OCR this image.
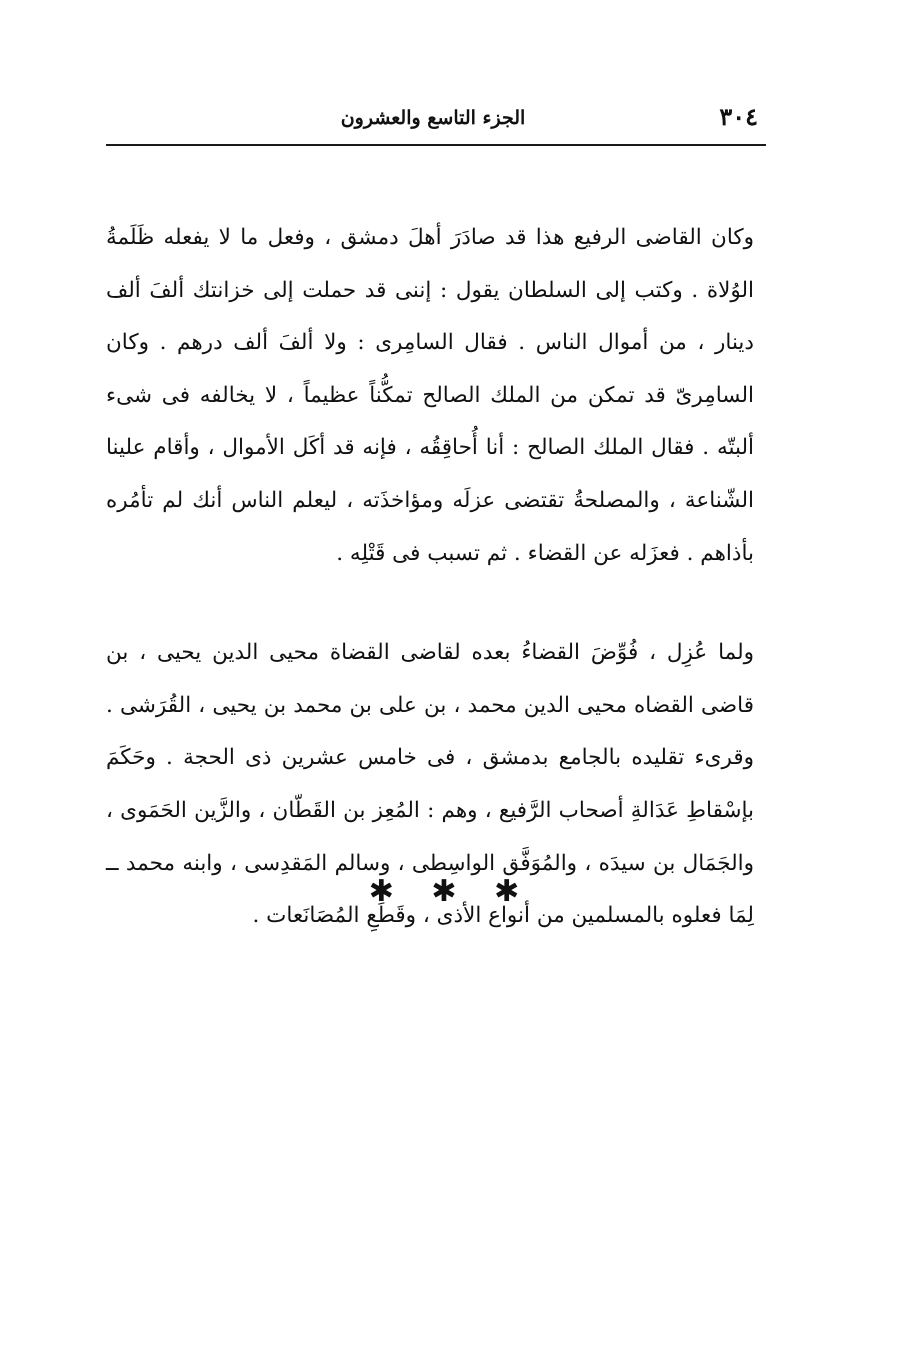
٣٠٤
الجزء التاسع والعشرون

وكان القاضى الرفيع هذا قد صادَرَ أهلَ دمشق ، وفعل ما لا يفعله ظَلَمةُ الوُلاة . وكتب إلى السلطان يقول : إننى قد حملت إلى خزانتك ألفَ ألف دينار ، من أموال الناس . فقال السامِرى : ولا ألفَ ألف درهم . وكان السامِرىّ قد تمكن من الملك الصالح تمكُّناً عظيماً ، لا يخالفه فى شىء ألبتّه . فقال الملك الصالح : أنا أُحاقِقُه ، فإنه قد أكَل الأموال ، وأقام علينا الشّناعة ، والمصلحةُ تقتضى عزلَه ومؤاخذَته ، ليعلم الناس أنك لم تأمُره بأذاهم . فعزَله عن القضاء . ثم تسبب فى قَتْلِه .

ولما عُزِل ، فُوِّضَ القضاءُ بعده لقاضى القضاة محيى الدين يحيى ، بن قاضى القضاه محيى الدين محمد ، بن على بن محمد بن يحيى ، القُرَشى . وقرىء تقليده بالجامع بدمشق ، فى خامس عشرين ذى الحجة . وحَكَمَ بإسْقاطِ عَدَالةِ أصحاب الرَّفيع ، وهم : المُعِز بن القَطّان ، والزَّين الحَمَوى ، والجَمَال بن سيدَه ، والمُوَفَّق الواسِطى ، وسالم المَقدِسى ، وابنه محمد ــ لِمَا فعلوه بالمسلمين من أنواع الأذى ، وقَطَعِ المُصَانَعات .

✱ ✱ ✱
